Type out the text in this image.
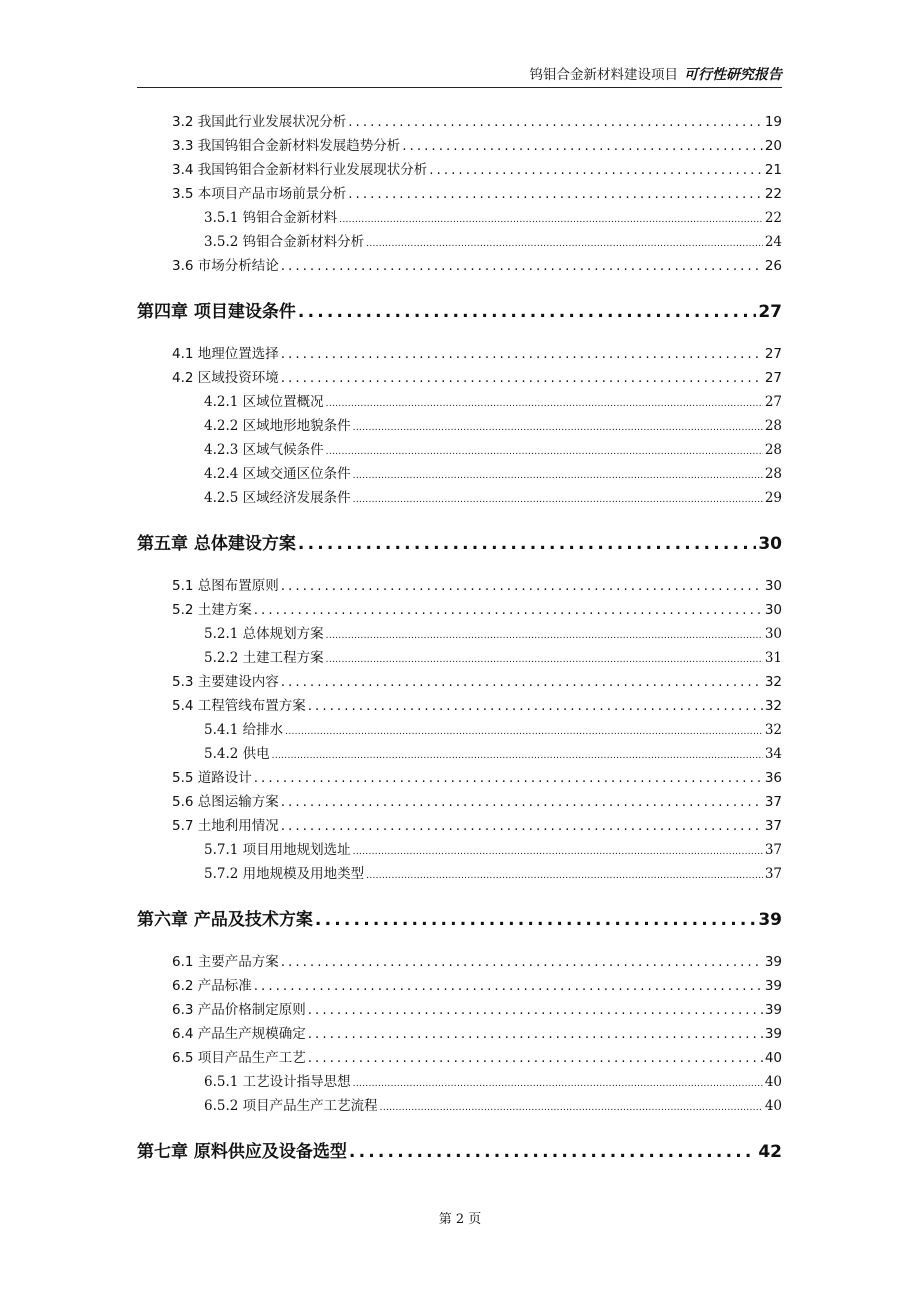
钨钼合金新材料建设项目 可行性研究报告
3.2 我国此行业发展状况分析 .....	19
3.3 我国钨钼合金新材料发展趋势分析 .....	20
3.4 我国钨钼合金新材料行业发展现状分析 .....	21
3.5 本项目产品市场前景分析 .....	22
3.5.1 钨钼合金新材料 .....	22
3.5.2 钨钼合金新材料分析 .....	24
3.6 市场分析结论 .....	26
第四章 项目建设条件 .....	27
4.1 地理位置选择 .....	27
4.2 区域投资环境 .....	27
4.2.1 区域位置概况 .....	27
4.2.2 区域地形地貌条件 .....	28
4.2.3 区域气候条件 .....	28
4.2.4 区域交通区位条件 .....	28
4.2.5 区域经济发展条件 .....	29
第五章 总体建设方案 .....	30
5.1 总图布置原则 .....	30
5.2 土建方案 .....	30
5.2.1 总体规划方案 .....	30
5.2.2 土建工程方案 .....	31
5.3 主要建设内容 .....	32
5.4 工程管线布置方案 .....	32
5.4.1 给排水 .....	32
5.4.2 供电 .....	34
5.5 道路设计 .....	36
5.6 总图运输方案 .....	37
5.7 土地利用情况 .....	37
5.7.1 项目用地规划选址 .....	37
5.7.2 用地规模及用地类型 .....	37
第六章 产品及技术方案 .....	39
6.1 主要产品方案 .....	39
6.2 产品标准 .....	39
6.3 产品价格制定原则 .....	39
6.4 产品生产规模确定 .....	39
6.5 项目产品生产工艺 .....	40
6.5.1 工艺设计指导思想 .....	40
6.5.2 项目产品生产工艺流程 .....	40
第七章 原料供应及设备选型 .....	42
第 2 页
